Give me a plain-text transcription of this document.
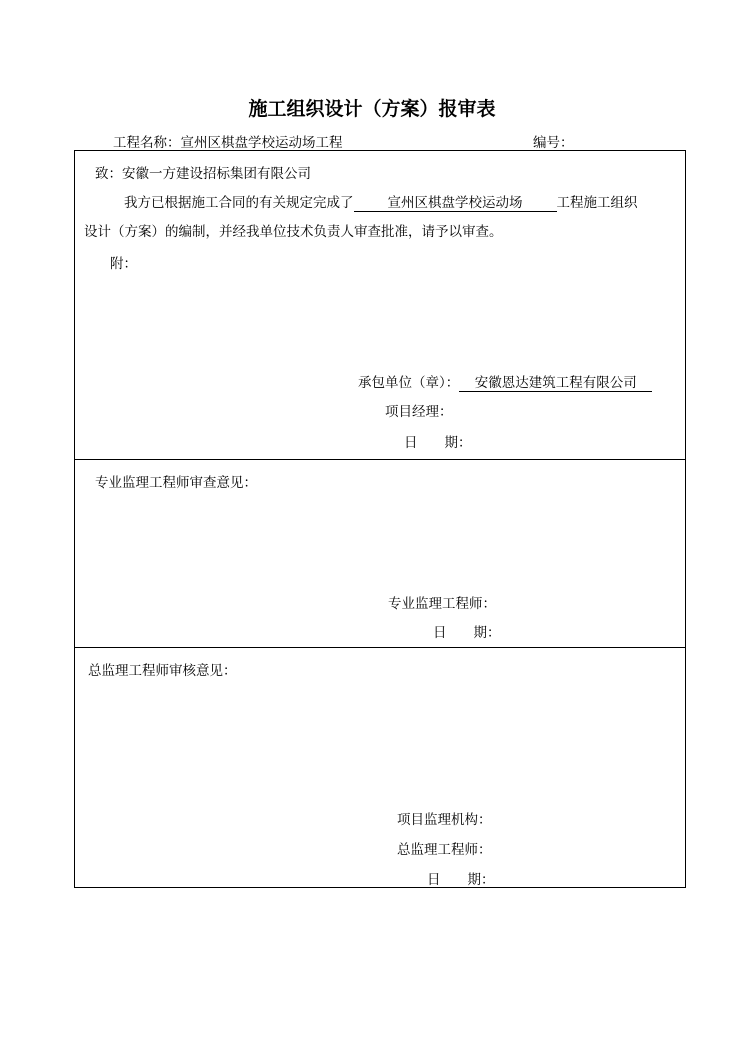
施工组织设计（方案）报审表
工程名称：宣州区棋盘学校运动场工程	编号：
致：安徽一方建设招标集团有限公司
我方已根据施工合同的有关规定完成了	宣州区棋盘学校运动场	工程施工组织
设计（方案）的编制，并经我单位技术负责人审查批准，请予以审查。
附：
承包单位（章）： 安徽恩达建筑工程有限公司
项目经理：
日　　期：
专业监理工程师审查意见：
专业监理工程师：
日　　期：
总监理工程师审核意见：
项目监理机构：
总监理工程师：
日　　期：
